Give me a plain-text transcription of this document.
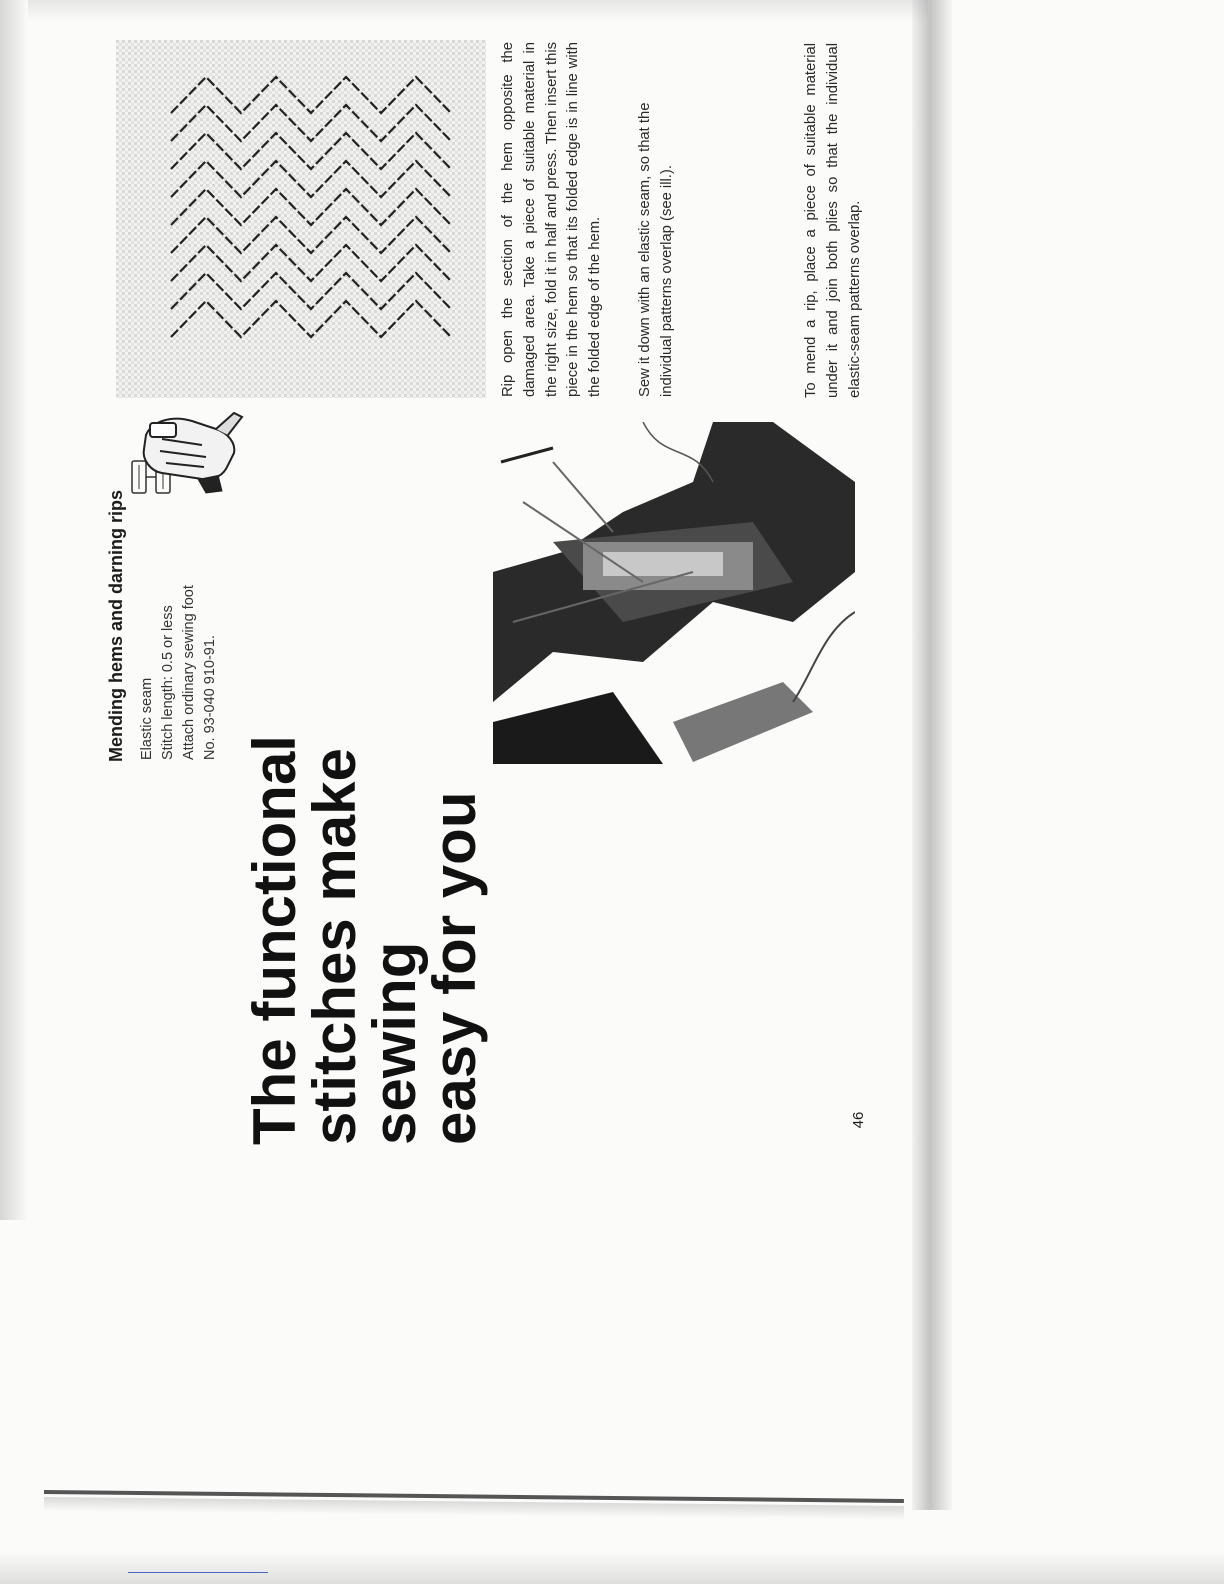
The functional
stitches make
sewing
easy for you
Mending hems and darning rips Elastic seam Stitch length: 0.5 or less Attach ordinary sewing foot No. 93-040 910-91.

Rip open the section of the hem opposite the damaged area. Take a piece of suitable material in the right size, fold it in half and press. Then insert this piece in the hem so that its folded edge is in line with the folded edge of the hem. Sew it down with an elastic seam, so that the individual patterns overlap (see ill.).	To mend a rip, place a piece of suitable material under it and join both plies so that the individual elastic-seam patterns overlap.

46
